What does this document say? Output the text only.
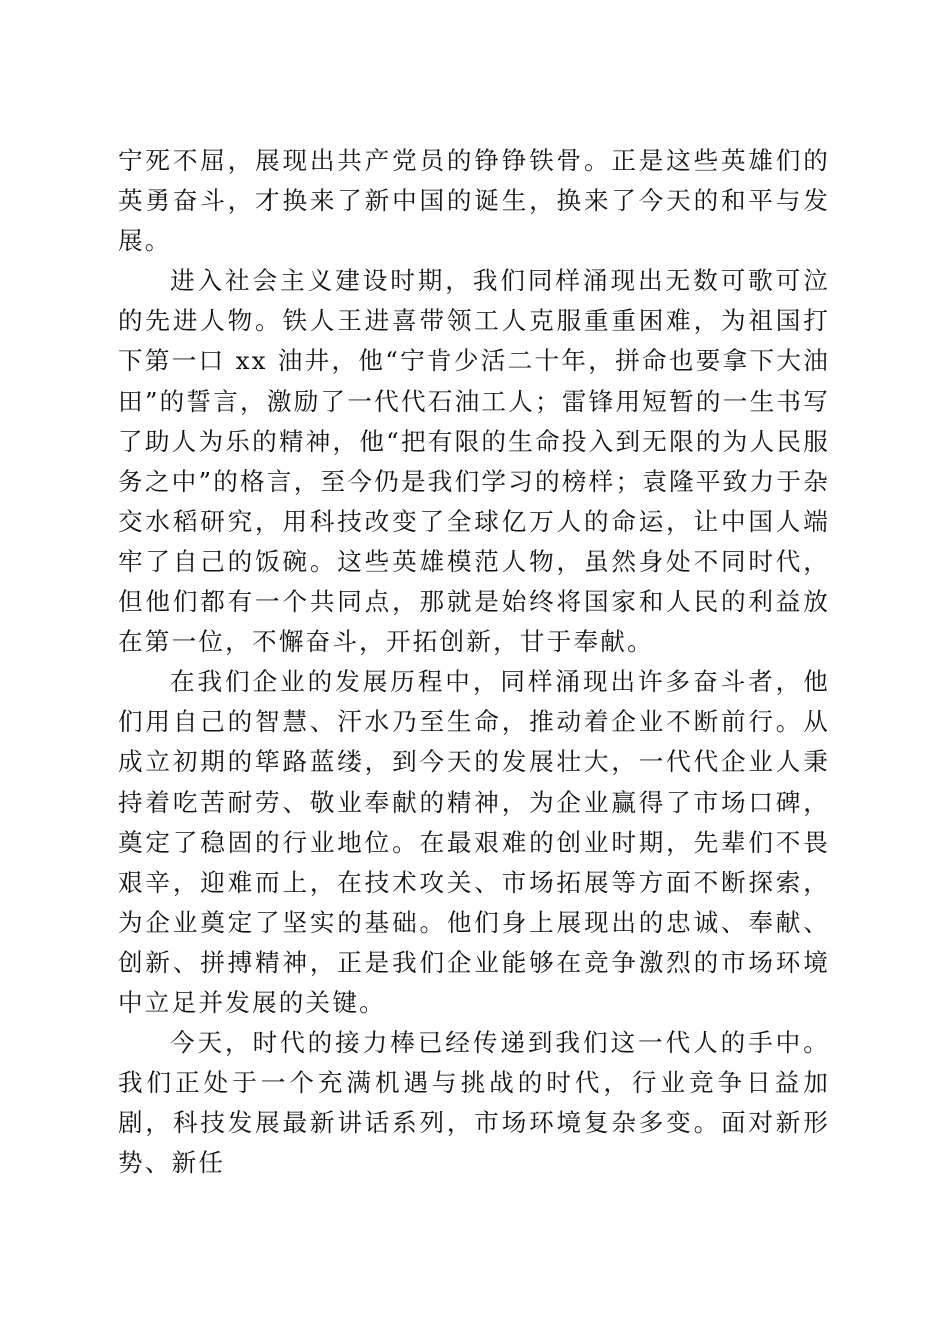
宁死不屈，展现出共产党员的铮铮铁骨。正是这些英雄们的英勇奋斗，才换来了新中国的诞生，换来了今天的和平与发展。

进入社会主义建设时期，我们同样涌现出无数可歌可泣的先进人物。铁人王进喜带领工人克服重重困难，为祖国打下第一口 xx 油井，他“宁肯少活二十年，拼命也要拿下大油田”的誓言，激励了一代代石油工人；雷锋用短暂的一生书写了助人为乐的精神，他“把有限的生命投入到无限的为人民服务之中”的格言，至今仍是我们学习的榜样；袁隆平致力于杂交水稻研究，用科技改变了全球亿万人的命运，让中国人端牢了自己的饭碗。这些英雄模范人物，虽然身处不同时代，但他们都有一个共同点，那就是始终将国家和人民的利益放在第一位，不懈奋斗，开拓创新，甘于奉献。

在我们企业的发展历程中，同样涌现出许多奋斗者，他们用自己的智慧、汗水乃至生命，推动着企业不断前行。从成立初期的筚路蓝缕，到今天的发展壮大，一代代企业人秉持着吃苦耐劳、敬业奉献的精神，为企业赢得了市场口碑，奠定了稳固的行业地位。在最艰难的创业时期，先辈们不畏艰辛，迎难而上，在技术攻关、市场拓展等方面不断探索，为企业奠定了坚实的基础。他们身上展现出的忠诚、奉献、创新、拼搏精神，正是我们企业能够在竞争激烈的市场环境中立足并发展的关键。

今天，时代的接力棒已经传递到我们这一代人的手中。我们正处于一个充满机遇与挑战的时代，行业竞争日益加剧，科技发展最新讲话系列，市场环境复杂多变。面对新形势、新任
